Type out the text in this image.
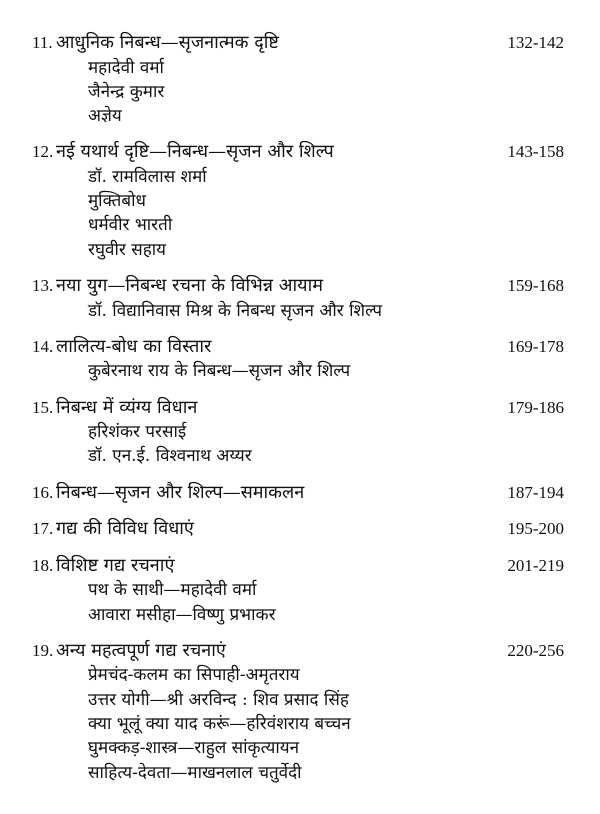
11. आधुनिक निबन्ध—सृजनात्मक दृष्टि	132-142
महादेवी वर्मा
जैनेन्द्र कुमार
अज्ञेय
12. नई यथार्थ दृष्टि—निबन्ध—सृजन और शिल्प	143-158
डॉ. रामविलास शर्मा
मुक्तिबोध
धर्मवीर भारती
रघुवीर सहाय
13. नया युग—निबन्ध रचना के विभिन्न आयाम	159-168
डॉ. विद्यानिवास मिश्र के निबन्ध सृजन और शिल्प
14. लालित्य-बोध का विस्तार	169-178
कुबेरनाथ राय के निबन्ध—सृजन और शिल्प
15. निबन्ध में व्यंग्य विधान	179-186
हरिशंकर परसाई
डॉ. एन.ई. विश्वनाथ अय्यर
16. निबन्ध—सृजन और शिल्प—समाकलन	187-194
17. गद्य की विविध विधाएं	195-200
18. विशिष्ट गद्य रचनाएं	201-219
पथ के साथी—महादेवी वर्मा
आवारा मसीहा—विष्णु प्रभाकर
19. अन्य महत्वपूर्ण गद्य रचनाएं	220-256
प्रेमचंद-कलम का सिपाही-अमृतराय
उत्तर योगी—श्री अरविन्द : शिव प्रसाद सिंह
क्या भूलूं क्या याद करूं—हरिवंशराय बच्चन
घुमक्कड़-शास्त्र—राहुल सांकृत्यायन
साहित्य-देवता—माखनलाल चतुर्वेदी
